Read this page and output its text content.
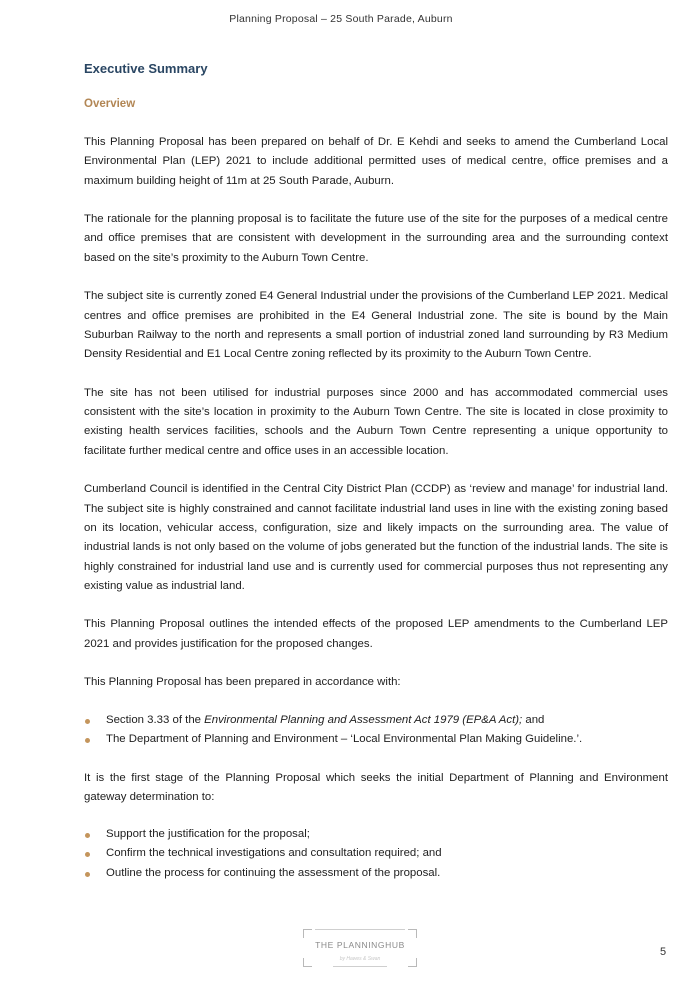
Planning Proposal – 25 South Parade, Auburn
Executive Summary
Overview

This Planning Proposal has been prepared on behalf of Dr. E Kehdi and seeks to amend the Cumberland Local Environmental Plan (LEP) 2021 to include additional permitted uses of medical centre, office premises and a maximum building height of 11m at 25 South Parade, Auburn.

The rationale for the planning proposal is to facilitate the future use of the site for the purposes of a medical centre and office premises that are consistent with development in the surrounding area and the surrounding context based on the site’s proximity to the Auburn Town Centre.

The subject site is currently zoned E4 General Industrial under the provisions of the Cumberland LEP 2021. Medical centres and office premises are prohibited in the E4 General Industrial zone. The site is bound by the Main Suburban Railway to the north and represents a small portion of industrial zoned land surrounding by R3 Medium Density Residential and E1 Local Centre zoning reflected by its proximity to the Auburn Town Centre.

The site has not been utilised for industrial purposes since 2000 and has accommodated commercial uses consistent with the site’s location in proximity to the Auburn Town Centre. The site is located in close proximity to existing health services facilities, schools and the Auburn Town Centre representing a unique opportunity to facilitate further medical centre and office uses in an accessible location.

Cumberland Council is identified in the Central City District Plan (CCDP) as ‘review and manage’ for industrial land. The subject site is highly constrained and cannot facilitate industrial land uses in line with the existing zoning based on its location, vehicular access, configuration, size and likely impacts on the surrounding area. The value of industrial lands is not only based on the volume of jobs generated but the function of the industrial lands. The site is highly constrained for industrial land use and is currently used for commercial purposes thus not representing any existing value as industrial land.

This Planning Proposal outlines the intended effects of the proposed LEP amendments to the Cumberland LEP 2021 and provides justification for the proposed changes.

This Planning Proposal has been prepared in accordance with:

Section 3.33 of the Environmental Planning and Assessment Act 1979 (EP&A Act); and
The Department of Planning and Environment – ‘Local Environmental Plan Making Guideline.’.

It is the first stage of the Planning Proposal which seeks the initial Department of Planning and Environment gateway determination to:

Support the justification for the proposal;
Confirm the technical investigations and consultation required; and
Outline the process for continuing the assessment of the proposal.
THE PLANNINGHUB
by Hawes & Swan
5
